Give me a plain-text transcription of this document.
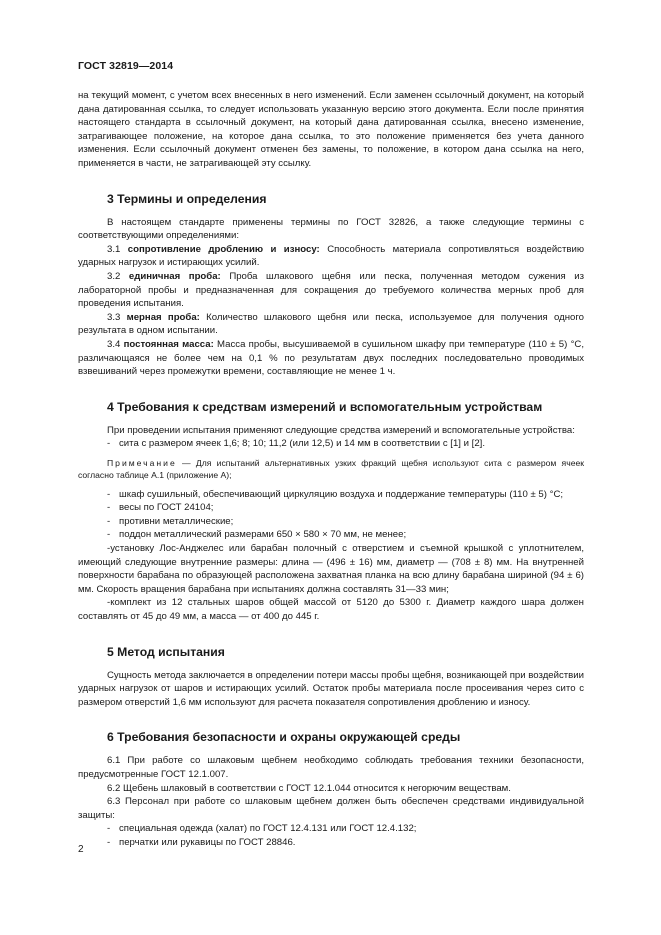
ГОСТ 32819—2014

на текущий момент, с учетом всех внесенных в него изменений. Если заменен ссылочный документ, на который дана датированная ссылка, то следует использовать указанную версию этого документа. Если после принятия настоящего стандарта в ссылочный документ, на который дана датированная ссылка, внесено изменение, затрагивающее положение, на которое дана ссылка, то это положение применяется без учета данного изменения. Если ссылочный документ отменен без замены, то положение, в котором дана ссылка на него, применяется в части, не затрагивающей эту ссылку.

3 Термины и определения

В настоящем стандарте применены термины по ГОСТ 32826, а также следующие термины с соответствующими определениями:

3.1 сопротивление дроблению и износу: Способность материала сопротивляться воздействию ударных нагрузок и истирающих усилий.

3.2 единичная проба: Проба шлакового щебня или песка, полученная методом сужения из лабораторной пробы и предназначенная для сокращения до требуемого количества мерных проб для проведения испытания.

3.3 мерная проба: Количество шлакового щебня или песка, используемое для получения одного результата в одном испытании.

3.4 постоянная масса: Масса пробы, высушиваемой в сушильном шкафу при температуре (110 ± 5) °С, различающаяся не более чем на 0,1 % по результатам двух последних последовательно проводимых взвешиваний через промежутки времени, составляющие не менее 1 ч.

4 Требования к средствам измерений и вспомогательным устройствам

При проведении испытания применяют следующие средства измерений и вспомогательные устройства:

- сита с размером ячеек 1,6; 8; 10; 11,2 (или 12,5) и 14 мм в соответствии с [1] и [2].

Примечание — Для испытаний альтернативных узких фракций щебня используют сита с размером ячеек согласно таблице А.1 (приложение А);

- шкаф сушильный, обеспечивающий циркуляцию воздуха и поддержание температуры (110 ± 5) °С;

- весы по ГОСТ 24104;

- противни металлические;

- поддон металлический размерами 650 × 580 × 70 мм, не менее;

-установку Лос-Анджелес или барабан полочный с отверстием и съемной крышкой с уплотнителем, имеющий следующие внутренние размеры: длина — (496 ± 16) мм, диаметр — (708 ± 8) мм. На внутренней поверхности барабана по образующей расположена захватная планка на всю длину барабана шириной (94 ± 6) мм. Скорость вращения барабана при испытаниях должна составлять 31—33 мин;

-комплект из 12 стальных шаров общей массой от 5120 до 5300 г. Диаметр каждого шара должен составлять от 45 до 49 мм, а масса — от 400 до 445 г.

5 Метод испытания

Сущность метода заключается в определении потери массы пробы щебня, возникающей при воздействии ударных нагрузок от шаров и истирающих усилий. Остаток пробы материала после просеивания через сито с размером отверстий 1,6 мм используют для расчета показателя сопротивления дроблению и износу.

6 Требования безопасности и охраны окружающей среды

6.1 При работе со шлаковым щебнем необходимо соблюдать требования техники безопасности, предусмотренные ГОСТ 12.1.007.

6.2 Щебень шлаковый в соответствии с ГОСТ 12.1.044 относится к негорючим веществам.

6.3 Персонал при работе со шлаковым щебнем должен быть обеспечен средствами индивидуальной защиты:

- специальная одежда (халат) по ГОСТ 12.4.131 или ГОСТ 12.4.132;

- перчатки или рукавицы по ГОСТ 28846.

2
